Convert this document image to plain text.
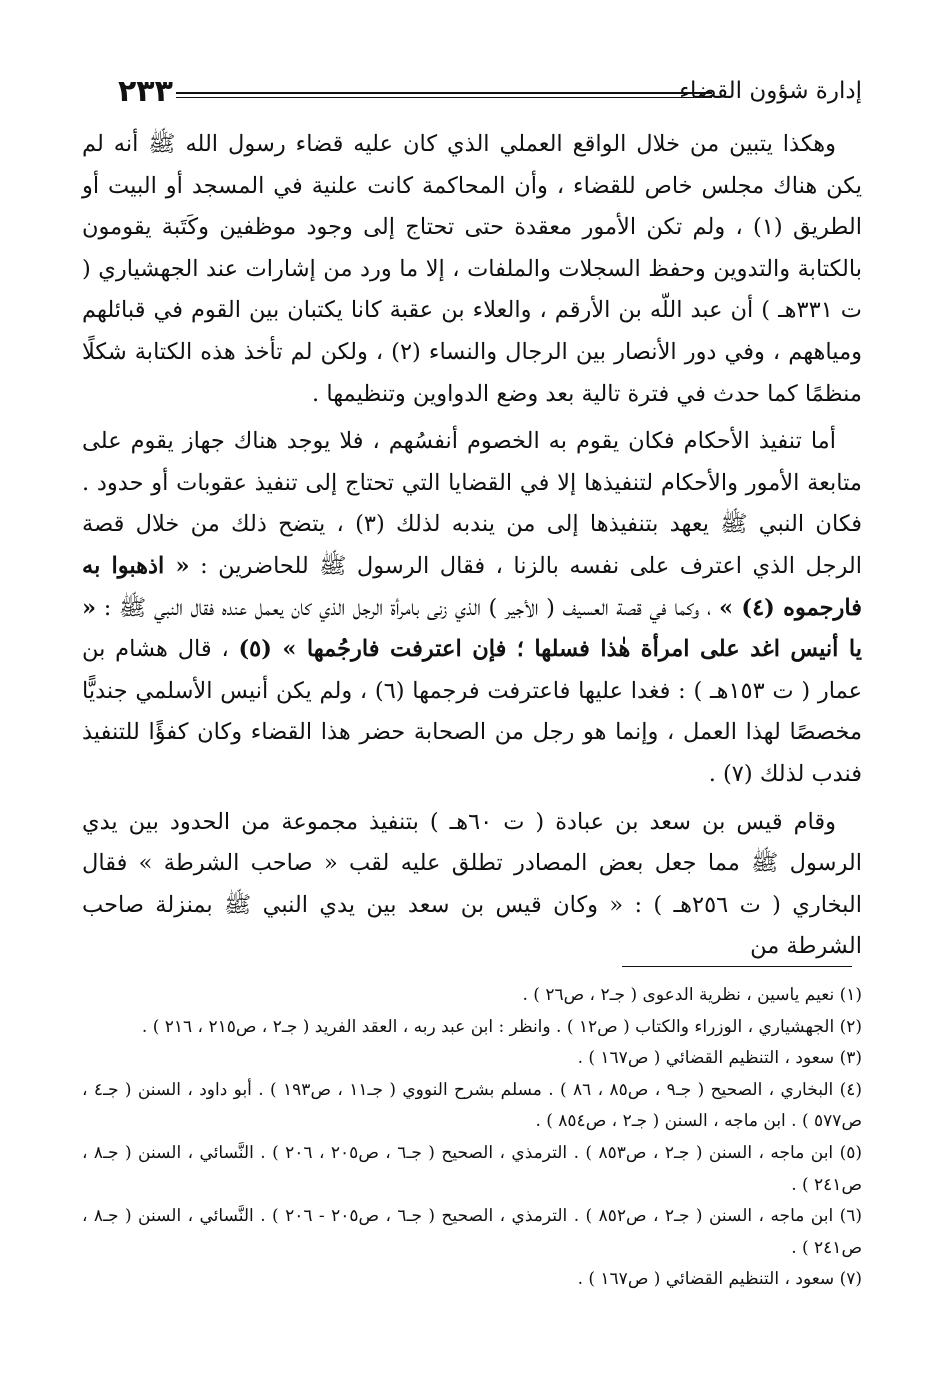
إدارة شؤون القضاء
٢٣٣

وهكذا يتبين من خلال الواقع العملي الذي كان عليه قضاء رسول الله ﷺ أنه لم يكن هناك مجلس خاص للقضاء ، وأن المحاكمة كانت علنية في المسجد أو البيت أو الطريق (١) ، ولم تكن الأمور معقدة حتى تحتاج إلى وجود موظفين وكَتَبة يقومون بالكتابة والتدوين وحفظ السجلات والملفات ، إلا ما ورد من إشارات عند الجهشياري ( ت ٣٣١هـ ) أن عبد اللّه بن الأرقم ، والعلاء بن عقبة كانا يكتبان بين القوم في قبائلهم ومياههم ، وفي دور الأنصار بين الرجال والنساء (٢) ، ولكن لم تأخذ هذه الكتابة شكلًا منظمًا كما حدث في فترة تالية بعد وضع الدواوين وتنظيمها .

أما تنفيذ الأحكام فكان يقوم به الخصوم أنفسُهم ، فلا يوجد هناك جهاز يقوم على متابعة الأمور والأحكام لتنفيذها إلا في القضايا التي تحتاج إلى تنفيذ عقوبات أو حدود . فكان النبي ﷺ يعهد بتنفيذها إلى من يندبه لذلك (٣) ، يتضح ذلك من خلال قصة الرجل الذي اعترف على نفسه بالزنا ، فقال الرسول ﷺ للحاضرين : « اذهبوا به فارجموه (٤) » ، وكما في قصة العسيف ( الأجير ) الذي زنى بامرأة الرجل الذي كان يعمل عنده فقال النبي ﷺ : « يا أنيس اغد على امرأة هٰذا فسلها ؛ فإن اعترفت فارجُمها » (٥) ، قال هشام بن عمار ( ت ١٥٣هـ ) : فغدا عليها فاعترفت فرجمها (٦) ، ولم يكن أنيس الأسلمي جنديًّا مخصصًا لهذا العمل ، وإنما هو رجل من الصحابة حضر هذا القضاء وكان كفؤًا للتنفيذ فندب لذلك (٧) .

وقام قيس بن سعد بن عبادة ( ت ٦٠هـ ) بتنفيذ مجموعة من الحدود بين يدي الرسول ﷺ مما جعل بعض المصادر تطلق عليه لقب « صاحب الشرطة » فقال البخاري ( ت ٢٥٦هـ ) : « وكان قيس بن سعد بين يدي النبي ﷺ بمنزلة صاحب الشرطة من

(١) نعيم ياسين ، نظرية الدعوى ( جـ٢ ، ص٢٦ ) .

(٢) الجهشياري ، الوزراء والكتاب ( ص١٢ ) . وانظر : ابن عبد ربه ، العقد الفريد ( جـ٢ ، ص٢١٥ ، ٢١٦ ) .

(٣) سعود ، التنظيم القضائي ( ص١٦٧ ) .

(٤) البخاري ، الصحيح ( جـ٩ ، ص٨٥ ، ٨٦ ) . مسلم بشرح النووي ( جـ١١ ، ص١٩٣ ) . أبو داود ، السنن ( جـ٤ ، ص٥٧٧ ) . ابن ماجه ، السنن ( جـ٢ ، ص٨٥٤ ) .

(٥) ابن ماجه ، السنن ( جـ٢ ، ص٨٥٣ ) . الترمذي ، الصحيح ( جـ٦ ، ص٢٠٥ ، ٢٠٦ ) . النَّسائي ، السنن ( جـ٨ ، ص٢٤١ ) .

(٦) ابن ماجه ، السنن ( جـ٢ ، ص٨٥٢ ) . الترمذي ، الصحيح ( جـ٦ ، ص٢٠٥ - ٢٠٦ ) . النَّسائي ، السنن ( جـ٨ ، ص٢٤١ ) .

(٧) سعود ، التنظيم القضائي ( ص١٦٧ ) .
